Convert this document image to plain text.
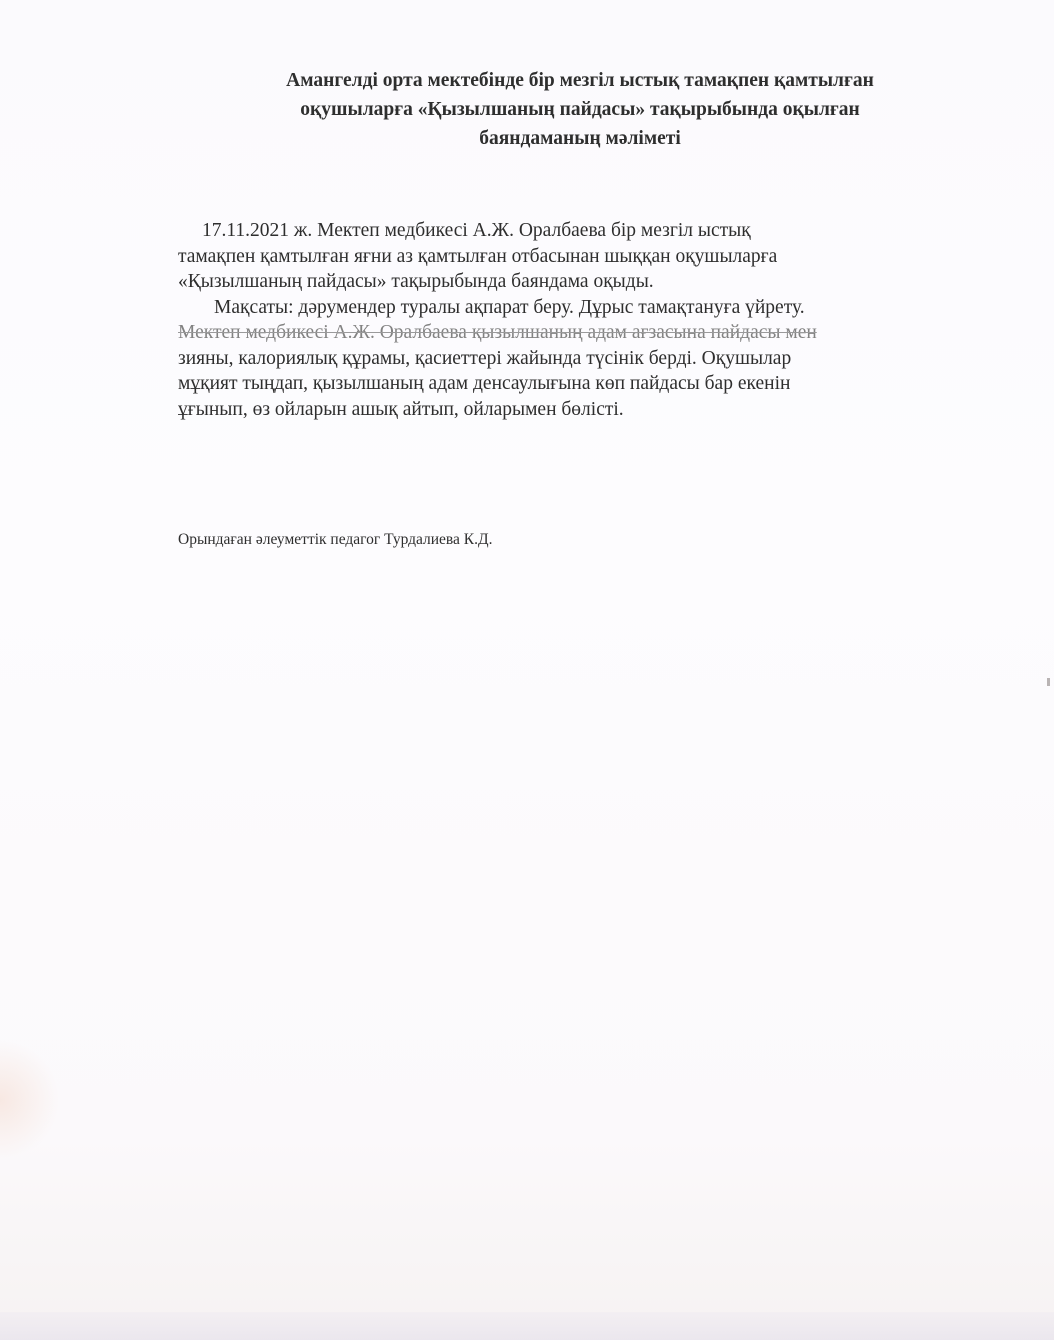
Амангелді орта мектебінде бір мезгіл ыстық тамақпен қамтылған
оқушыларға «Қызылшаның пайдасы» тақырыбында оқылған
баяндаманың мәліметі
17.11.2021 ж. Мектеп медбикесі А.Ж. Оралбаева бір мезгіл ыстық
тамақпен қамтылған яғни аз қамтылған отбасынан шыққан оқушыларға
«Қызылшаның пайдасы» тақырыбында баяндама оқыды.
Мақсаты: дәрумендер туралы ақпарат беру. Дұрыс тамақтануға үйрету.
Мектеп медбикесі А.Ж. Оралбаева қызылшаның адам ағзасына пайдасы мен
зияны, калориялық құрамы, қасиеттері жайында түсінік берді. Оқушылар
мұқият тыңдап, қызылшаның адам денсаулығына көп пайдасы бар екенін
ұғынып, өз ойларын ашық айтып, ойларымен бөлісті.
Орындаған әлеуметтік педагог Турдалиева К.Д.
